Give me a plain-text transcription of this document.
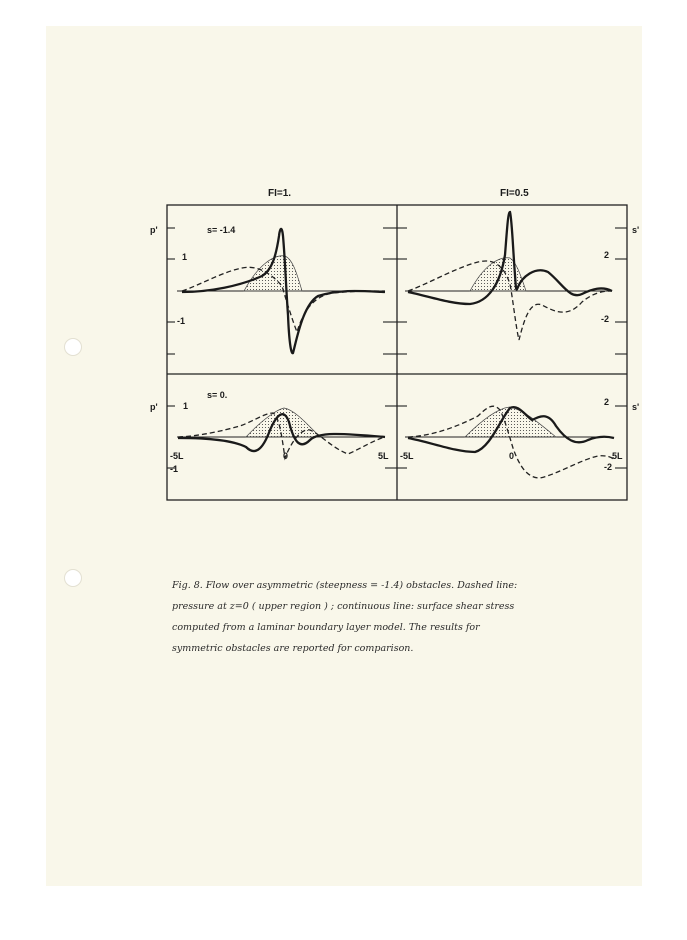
FI=1.	FI=0.5
p'
p'
s'
s'
s= -1.4
s= 0.
1
-1
2
-2
1
-1
2
-2
-5L	0	5L -5L	0	5L
Fig. 8. Flow over asymmetric (steepness = -1.4) obstacles. Dashed line:
pressure at z=0 ( upper region ) ; continuous line: surface shear stress
computed from a laminar boundary layer model. The results for
symmetric obstacles are reported for comparison.
